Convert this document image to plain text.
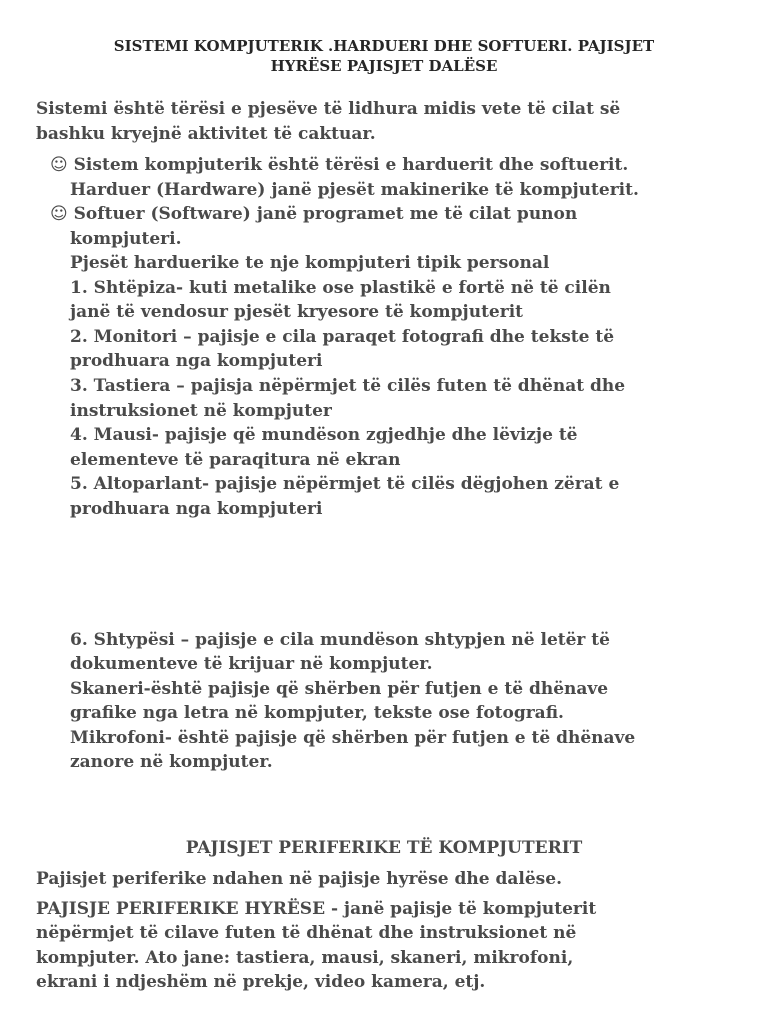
SISTEMI KOMPJUTERIK .HARDUERI DHE SOFTUERI. PAJISJET
HYRËSE PAJISJET DALËSE
Sistemi është tërësi e pjesëve të lidhura midis vete të cilat së
bashku kryejnë aktivitet të caktuar.
☺ Sistem kompjuterik është tërësi e harduerit dhe softuerit.
Harduer (Hardware) janë pjesët makinerike të kompjuterit.
☺ Softuer (Software) janë programet me të cilat punon
kompjuteri.
Pjesët harduerike te nje kompjuteri tipik personal
1. Shtëpiza- kuti metalike ose plastikë e fortë në të cilën
janë të vendosur pjesët kryesore të kompjuterit
2. Monitori – pajisje e cila paraqet fotografi dhe tekste të
prodhuara nga kompjuteri
3. Tastiera – pajisja nëpërmjet të cilës futen të dhënat dhe
instruksionet në kompjuter
4. Mausi- pajisje që mundëson zgjedhje dhe lëvizje të
elementeve të paraqitura në ekran
5. Altoparlant- pajisje nëpërmjet të cilës dëgjohen zërat e
prodhuara nga kompjuteri
6. Shtypësi – pajisje e cila mundëson shtypjen në letër të
dokumenteve të krijuar në kompjuter.
Skaneri-është pajisje që shërben për futjen e të dhënave
grafike nga letra në kompjuter, tekste ose fotografi.
Mikrofoni- është pajisje që shërben për futjen e të dhënave
zanore në kompjuter.
PAJISJET PERIFERIKE TË KOMPJUTERIT
Pajisjet periferike ndahen në pajisje hyrëse dhe dalëse.
PAJISJE PERIFERIKE HYRËSE - janë pajisje të kompjuterit
nëpërmjet të cilave futen të dhënat dhe instruksionet në
kompjuter. Ato jane: tastiera, mausi, skaneri, mikrofoni,
ekrani i ndjeshëm në prekje, video kamera, etj.
